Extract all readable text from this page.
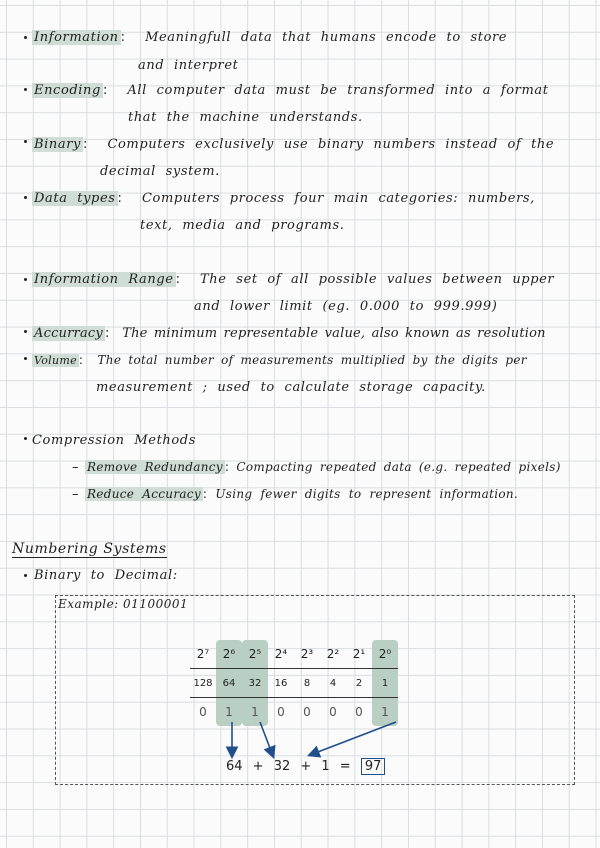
Information : Meaningfull data that humans encode to store
and interpret
Encoding : All computer data must be transformed into a format
that the machine understands.
Binary : Computers exclusively use binary numbers instead of the
decimal system.
Data types : Computers process four main categories: numbers,
text, media and programs.
Information Range : The set of all possible values between upper
and lower limit (eg. 0.000 to 999.999)
Accurracy : The minimum representable value, also known as resolution
Volume : The total number of measurements multiplied by the digits per
measurement ; used to calculate storage capacity.
Compression Methods
– Remove Redundancy : Compacting repeated data (e.g. repeated pixels)
– Reduce Accuracy : Using fewer digits to represent information.
Numbering Systems
Binary to Decimal:
Example: 01100001
2⁷	2⁶	2⁵	2⁴	2³	2²	2¹	2⁰
128	64	32	16	8	4	2	1
0	1	1	0	0	0	0	1
64 + 32 + 1 = 97
